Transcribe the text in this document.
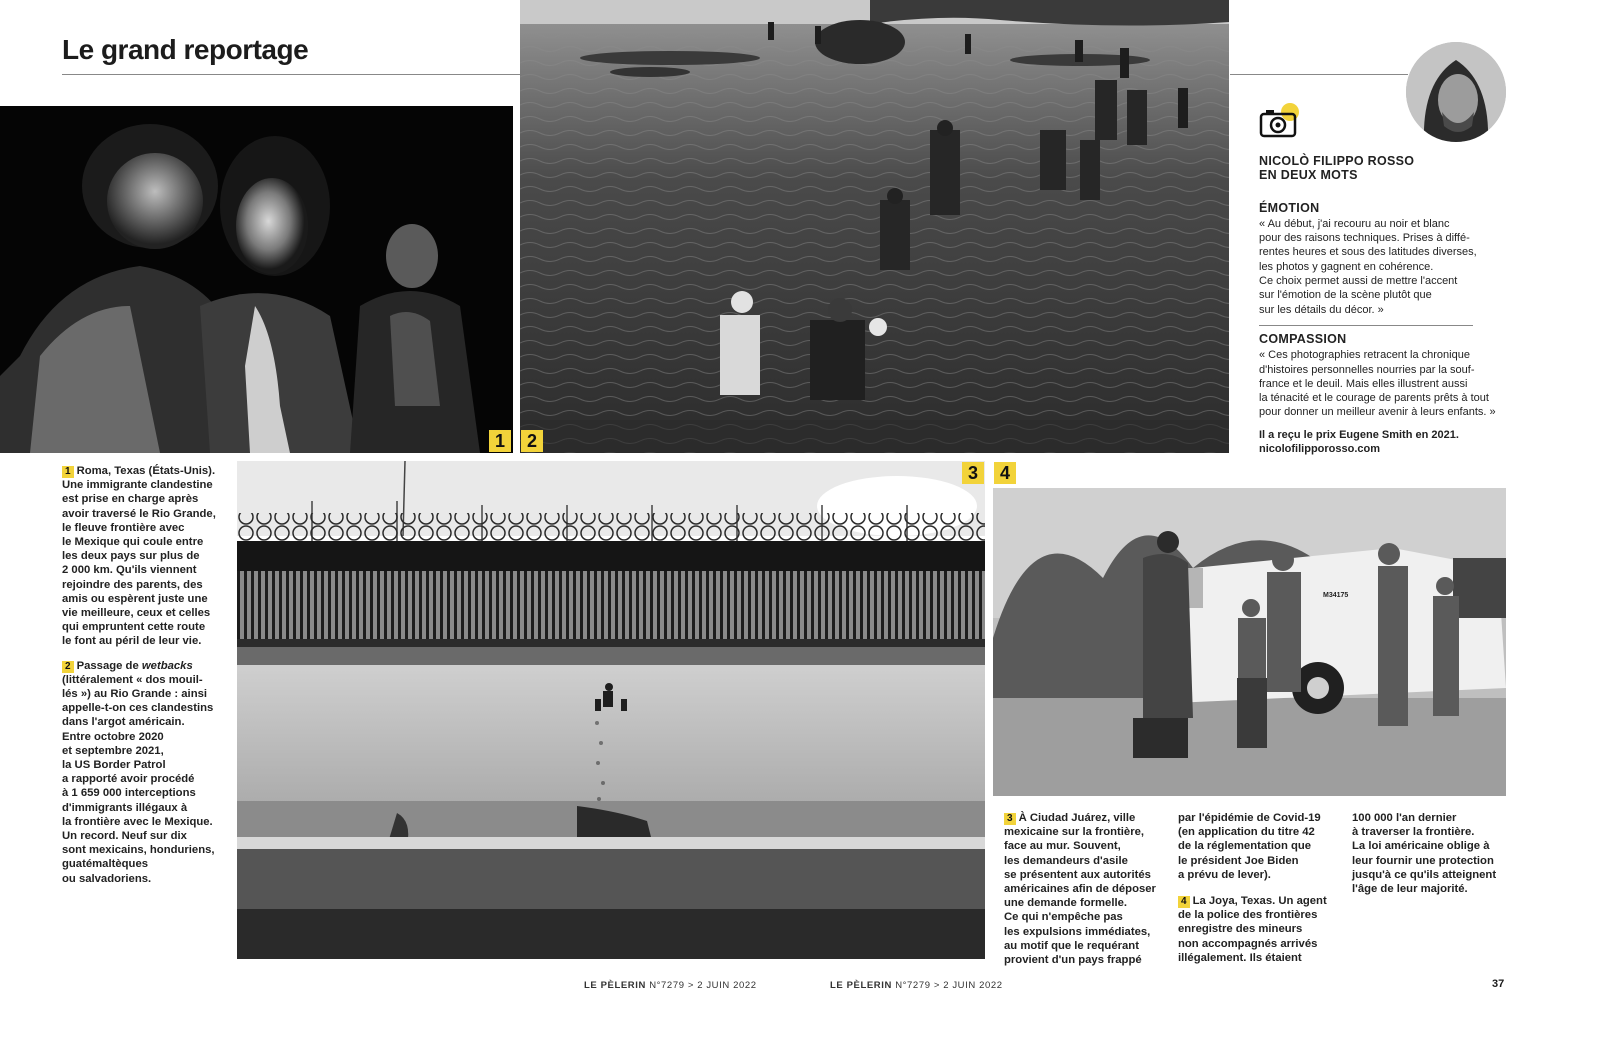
Le grand reportage
1	2
NICOLÒ FILIPPO ROSSO
EN DEUX MOTS
ÉMOTION

« Au début, j'ai recouru au noir et blanc
pour des raisons techniques. Prises à diffé-
rentes heures et sous des latitudes diverses,
les photos y gagnent en cohérence.
Ce choix permet aussi de mettre l'accent
sur l'émotion de la scène plutôt que
sur les détails du décor. »

COMPASSION

« Ces photographies retracent la chronique
d'histoires personnelles nourries par la souf-
france et le deuil. Mais elles illustrent aussi
la ténacité et le courage de parents prêts à tout
pour donner un meilleur avenir à leurs enfants. »

Il a reçu le prix Eugene Smith en 2021.
nicolofilipporosso.com

1 Roma, Texas (États-Unis).
Une immigrante clandestine
est prise en charge après
avoir traversé le Rio Grande,
le fleuve frontière avec
le Mexique qui coule entre
les deux pays sur plus de
2 000 km. Qu'ils viennent
rejoindre des parents, des
amis ou espèrent juste une
vie meilleure, ceux et celles
qui empruntent cette route
le font au péril de leur vie.

2 Passage de wetbacks
(littéralement « dos mouil-
lés ») au Rio Grande : ainsi
appelle-t-on ces clandestins
dans l'argot américain.
Entre octobre 2020
et septembre 2021,
la US Border Patrol
a rapporté avoir procédé
à 1 659 000 interceptions
d'immigrants illégaux à
la frontière avec le Mexique.
Un record. Neuf sur dix
sont mexicains, honduriens,
guatémaltèques
ou salvadoriens.

3	4
M34175
3 À Ciudad Juárez, ville
mexicaine sur la frontière,
face au mur. Souvent,
les demandeurs d'asile
se présentent aux autorités
américaines afin de déposer
une demande formelle.
Ce qui n'empêche pas
les expulsions immédiates,
au motif que le requérant
provient d'un pays frappé
par l'épidémie de Covid-19
(en application du titre 42
de la réglementation que
le président Joe Biden
a prévu de lever).
4 La Joya, Texas. Un agent
de la police des frontières
enregistre des mineurs
non accompagnés arrivés
illégalement. Ils étaient
100 000 l'an dernier
à traverser la frontière.
La loi américaine oblige à
leur fournir une protection
jusqu'à ce qu'ils atteignent
l'âge de leur majorité.
LE PÈLERIN N°7279 > 2 JUIN 2022	LE PÈLERIN N°7279 > 2 JUIN 2022	37
